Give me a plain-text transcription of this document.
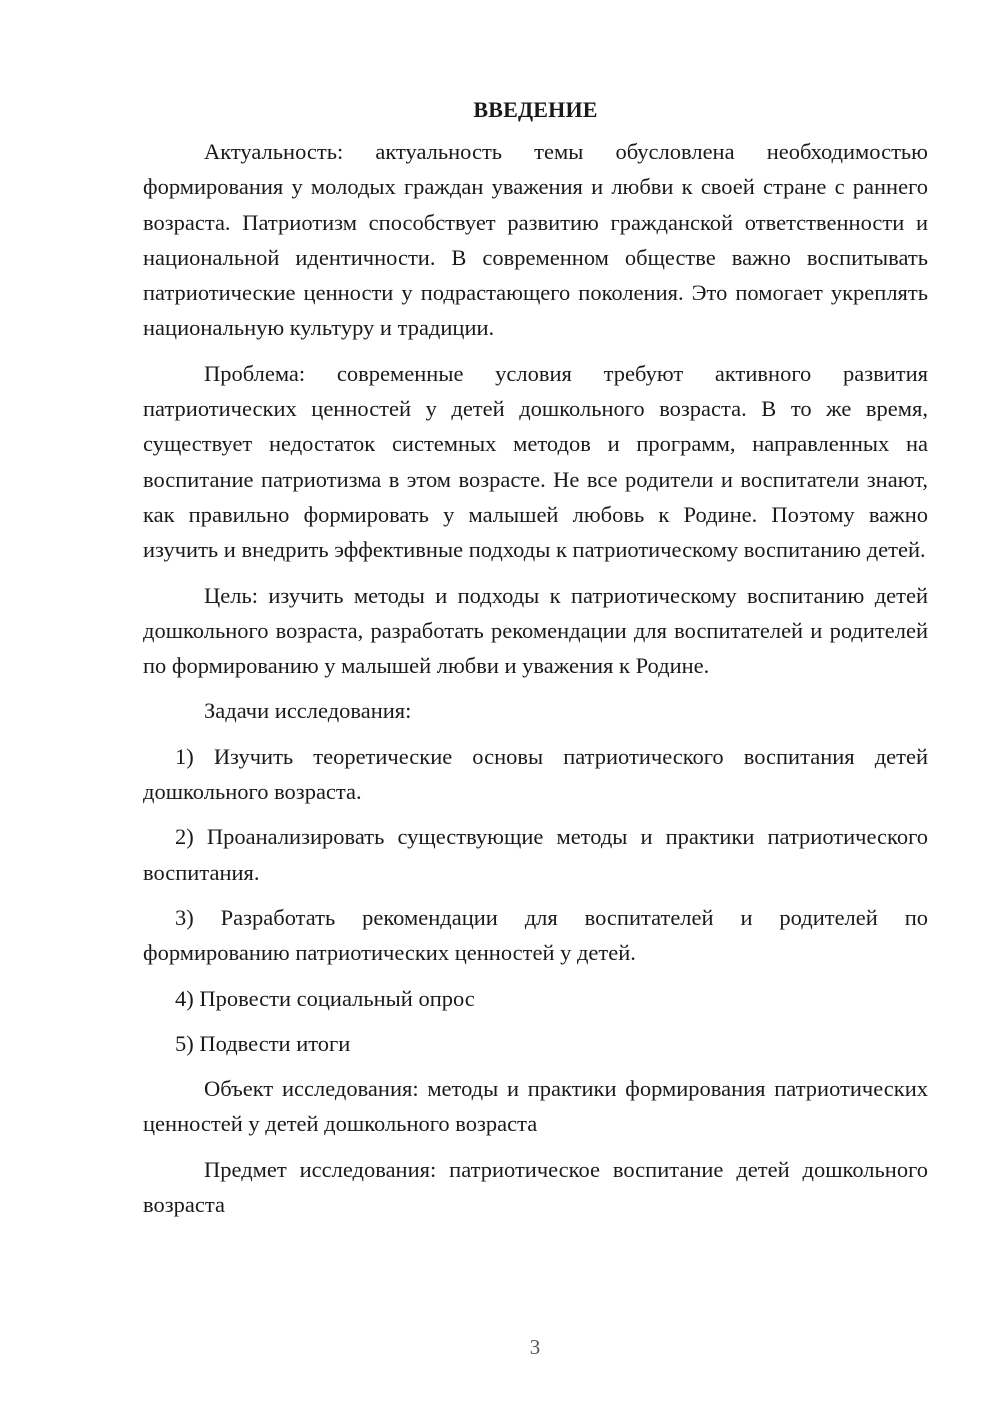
ВВЕДЕНИЕ

Актуальность: актуальность темы обусловлена необходимостью формирования у молодых граждан уважения и любви к своей стране с раннего возраста. Патриотизм способствует развитию гражданской ответственности и национальной идентичности. В современном обществе важно воспитывать патриотические ценности у подрастающего поколения. Это помогает укреплять национальную культуру и традиции.

Проблема: современные условия требуют активного развития патриотических ценностей у детей дошкольного возраста. В то же время, существует недостаток системных методов и программ, направленных на воспитание патриотизма в этом возрасте. Не все родители и воспитатели знают, как правильно формировать у малышей любовь к Родине. Поэтому важно изучить и внедрить эффективные подходы к патриотическому воспитанию детей.

Цель: изучить методы и подходы к патриотическому воспитанию детей дошкольного возраста, разработать рекомендации для воспитателей и родителей по формированию у малышей любви и уважения к Родине.

Задачи исследования:

1) Изучить теоретические основы патриотического воспитания детей дошкольного возраста.

2) Проанализировать существующие методы и практики патриотического воспитания.

3) Разработать рекомендации для воспитателей и родителей по формированию патриотических ценностей у детей.

4) Провести социальный опрос

5) Подвести итоги

Объект исследования: методы и практики формирования патриотических ценностей у детей дошкольного возраста

Предмет исследования: патриотическое воспитание детей дошкольного возраста

3
